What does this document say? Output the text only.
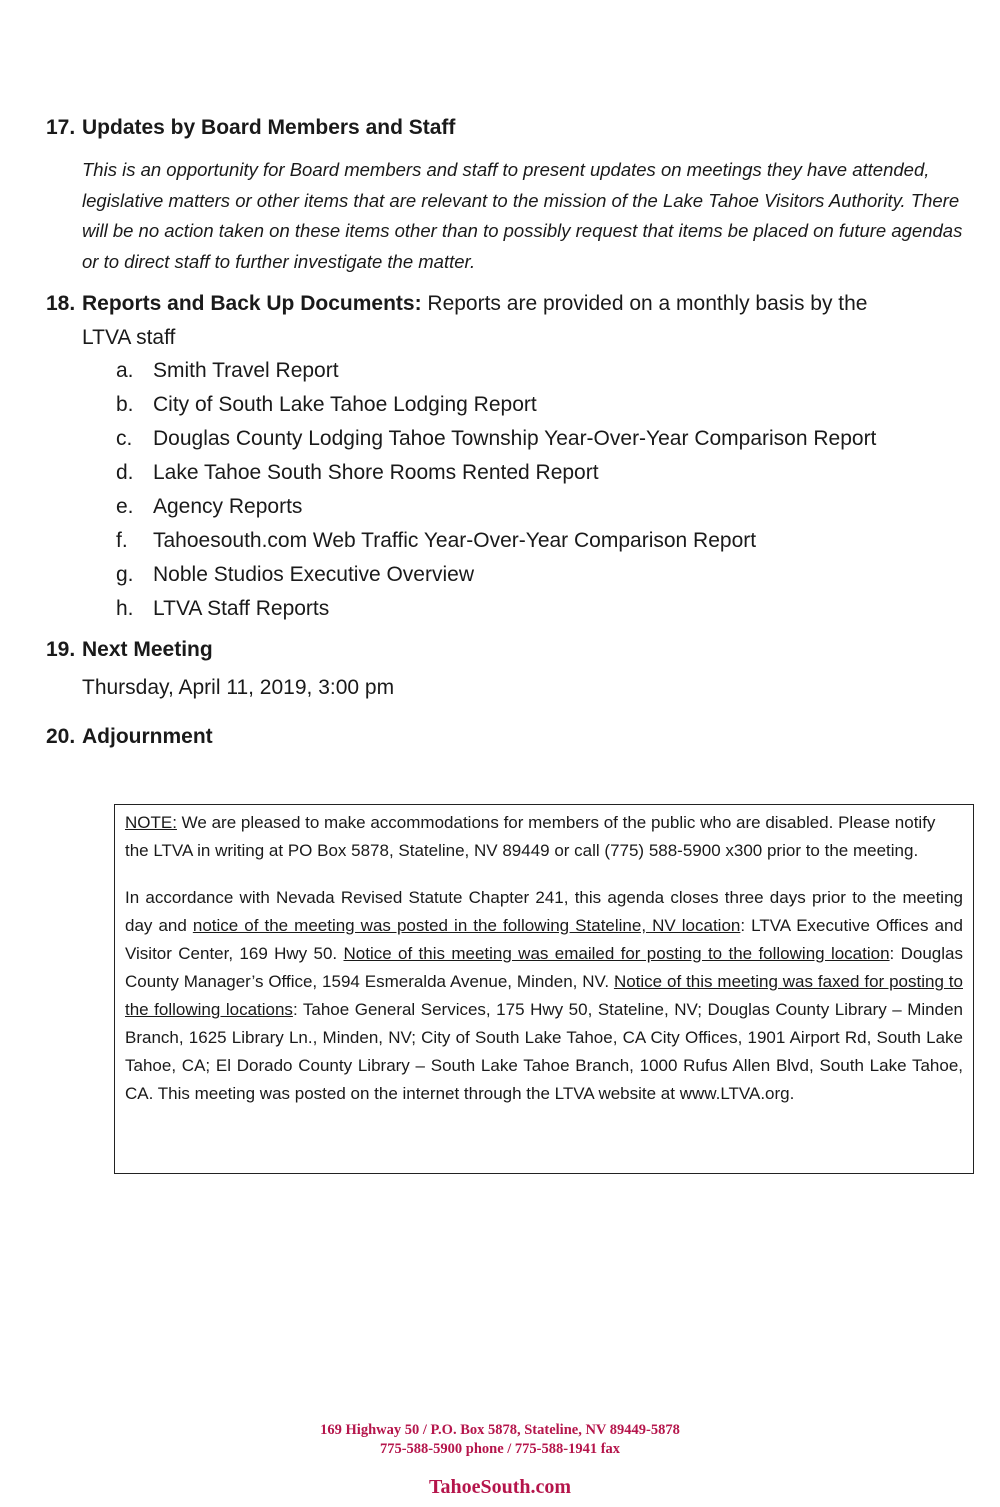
17. Updates by Board Members and Staff
This is an opportunity for Board members and staff to present updates on meetings they have attended, legislative matters or other items that are relevant to the mission of the Lake Tahoe Visitors Authority. There will be no action taken on these items other than to possibly request that items be placed on future agendas or to direct staff to further investigate the matter.
18. Reports and Back Up Documents: Reports are provided on a monthly basis by the
LTVA staff
a. Smith Travel Report
b. City of South Lake Tahoe Lodging Report
c. Douglas County Lodging Tahoe Township Year-Over-Year Comparison Report
d. Lake Tahoe South Shore Rooms Rented Report
e. Agency Reports
f. Tahoesouth.com Web Traffic Year-Over-Year Comparison Report
g. Noble Studios Executive Overview
h. LTVA Staff Reports
19. Next Meeting
Thursday, April 11, 2019, 3:00 pm
20. Adjournment

NOTE: We are pleased to make accommodations for members of the public who are disabled. Please notify the LTVA in writing at PO Box 5878, Stateline, NV 89449 or call (775) 588-5900 x300 prior to the meeting.

In accordance with Nevada Revised Statute Chapter 241, this agenda closes three days prior to the meeting day and notice of the meeting was posted in the following Stateline, NV location: LTVA Executive Offices and Visitor Center, 169 Hwy 50. Notice of this meeting was emailed for posting to the following location: Douglas County Manager’s Office, 1594 Esmeralda Avenue, Minden, NV. Notice of this meeting was faxed for posting to the following locations: Tahoe General Services, 175 Hwy 50, Stateline, NV; Douglas County Library – Minden Branch, 1625 Library Ln., Minden, NV; City of South Lake Tahoe, CA City Offices, 1901 Airport Rd, South Lake Tahoe, CA; El Dorado County Library – South Lake Tahoe Branch, 1000 Rufus Allen Blvd, South Lake Tahoe, CA. This meeting was posted on the internet through the LTVA website at www.LTVA.org.

169 Highway 50 / P.O. Box 5878, Stateline, NV 89449-5878
775-588-5900 phone / 775-588-1941 fax
TahoeSouth.com
